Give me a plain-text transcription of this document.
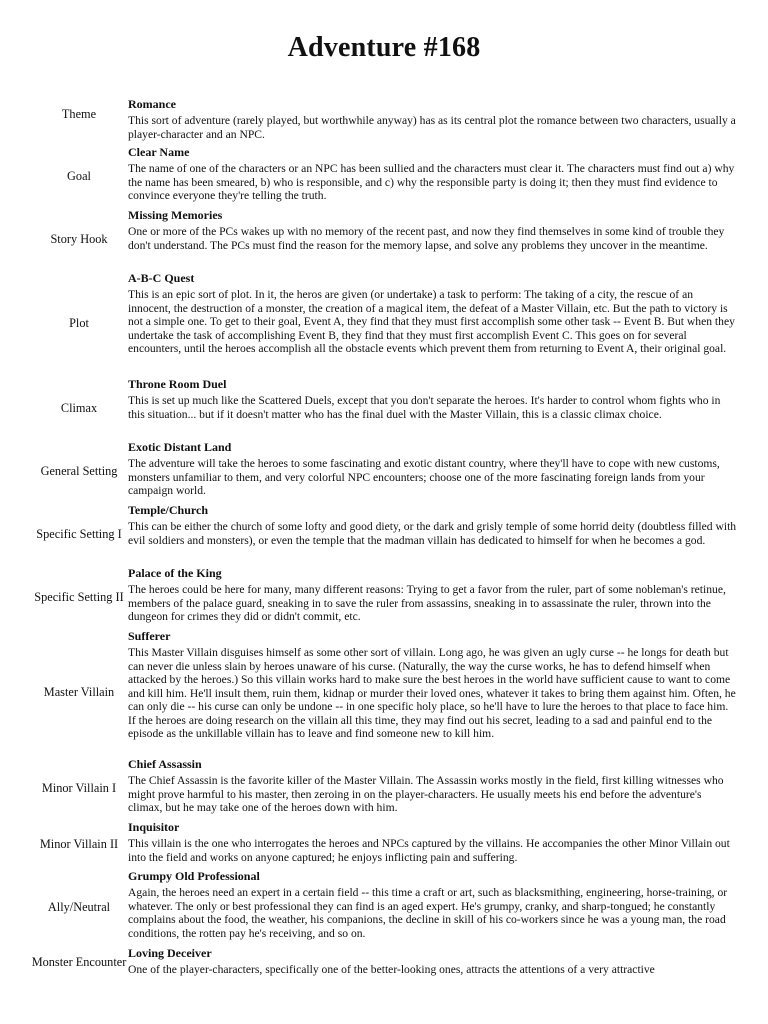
Adventure #168
Theme
Romance
This sort of adventure (rarely played, but worthwhile anyway) has as its central plot the romance between two characters, usually a player-character and an NPC.
Goal
Clear Name
The name of one of the characters or an NPC has been sullied and the characters must clear it. The characters must find out a) why the name has been smeared, b) who is responsible, and c) why the responsible party is doing it; then they must find evidence to convince everyone they're telling the truth.
Story Hook
Missing Memories
One or more of the PCs wakes up with no memory of the recent past, and now they find themselves in some kind of trouble they don't understand. The PCs must find the reason for the memory lapse, and solve any problems they uncover in the meantime.
Plot
A-B-C Quest
This is an epic sort of plot. In it, the heros are given (or undertake) a task to perform: The taking of a city, the rescue of an innocent, the destruction of a monster, the creation of a magical item, the defeat of a Master Villain, etc. But the path to victory is not a simple one. To get to their goal, Event A, they find that they must first accomplish some other task -- Event B. But when they undertake the task of accomplishing Event B, they find that they must first accomplish Event C. This goes on for several encounters, until the heroes accomplish all the obstacle events which prevent them from returning to Event A, their original goal.
Climax
Throne Room Duel
This is set up much like the Scattered Duels, except that you don't separate the heroes. It's harder to control whom fights who in this situation... but if it doesn't matter who has the final duel with the Master Villain, this is a classic climax choice.
General Setting
Exotic Distant Land
The adventure will take the heroes to some fascinating and exotic distant country, where they'll have to cope with new customs, monsters unfamiliar to them, and very colorful NPC encounters; choose one of the more fascinating foreign lands from your campaign world.
Specific Setting I
Temple/Church
This can be either the church of some lofty and good diety, or the dark and grisly temple of some horrid deity (doubtless filled with evil soldiers and monsters), or even the temple that the madman villain has dedicated to himself for when he becomes a god.
Specific Setting II
Palace of the King
The heroes could be here for many, many different reasons: Trying to get a favor from the ruler, part of some nobleman's retinue, members of the palace guard, sneaking in to save the ruler from assassins, sneaking in to assassinate the ruler, thrown into the dungeon for crimes they did or didn't commit, etc.
Master Villain
Sufferer
This Master Villain disguises himself as some other sort of villain. Long ago, he was given an ugly curse -- he longs for death but can never die unless slain by heroes unaware of his curse. (Naturally, the way the curse works, he has to defend himself when attacked by the heroes.) So this villain works hard to make sure the best heroes in the world have sufficient cause to want to come and kill him. He'll insult them, ruin them, kidnap or murder their loved ones, whatever it takes to bring them against him. Often, he can only die -- his curse can only be undone -- in one specific holy place, so he'll have to lure the heroes to that place to face him. If the heroes are doing research on the villain all this time, they may find out his secret, leading to a sad and painful end to the episode as the unkillable villain has to leave and find someone new to kill him.
Minor Villain I
Chief Assassin
The Chief Assassin is the favorite killer of the Master Villain. The Assassin works mostly in the field, first killing witnesses who might prove harmful to his master, then zeroing in on the player-characters. He usually meets his end before the adventure's climax, but he may take one of the heroes down with him.
Minor Villain II
Inquisitor
This villain is the one who interrogates the heroes and NPCs captured by the villains. He accompanies the other Minor Villain out into the field and works on anyone captured; he enjoys inflicting pain and suffering.
Ally/Neutral
Grumpy Old Professional
Again, the heroes need an expert in a certain field -- this time a craft or art, such as blacksmithing, engineering, horse-training, or whatever. The only or best professional they can find is an aged expert. He's grumpy, cranky, and sharp-tongued; he constantly complains about the food, the weather, his companions, the decline in skill of his co-workers since he was a young man, the road conditions, the rotten pay he's receiving, and so on.
Monster Encounter
Loving Deceiver
One of the player-characters, specifically one of the better-looking ones, attracts the attentions of a very attractive
